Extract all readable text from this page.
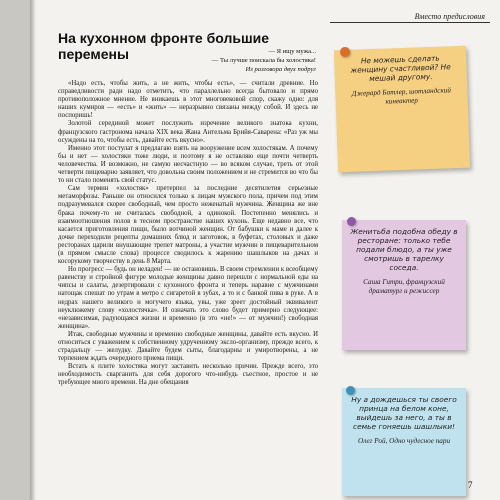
Вместо предисловия
На кухонном фронте большие перемены	— Я ищу мужа...
— Ты лучше поискала бы холостяка!
Из разговора двух подруг

«Надо есть, чтобы жить, а не жить, чтобы есть», — считали древние. Но справедливости ради надо отметить, что параллельно всегда бытовало и прямо противоположное мнение. Не вникаешь в этот многовековой спор, скажу одно: для наших кумиров — «есть» и «жить» — неразрывно связаны между собой. И здесь не поспоришь!

Золотой серединой может послужить изречение великого знатока кухни, французского гастронома начала XIX века Жана Антельма Брийя-Саварена: «Раз уж мы осуждены на то, чтобы есть, давайте есть вкусно».

Именно этот постулат я предлагаю взять на вооружение всем холостякам. А почему бы и нет — холостяки тоже люди, и поэтому я не оставляю еще почти четверть человечества. И возможно, не самую несчастную — во всяком случае, треть от этой четверти пищеварно заявляет, что довольна своим положением и не стремится во что бы то ни стало поменять свой статус.

Сам термин «холостяк» претерпел за последние десятилетия серьезные метаморфозы. Раньше он относился только к лицам мужского пола, причем под этим подразумевался скорее свободный, чем просто неженатый мужчина. Женщина же вне брака почему-то не считалась свободной, а одинокой. Постепенно менялись и взаимоотношения полов в тесном пространстве наших кухонь. Еще недавно все, что касается приготовления пищи, было вотчиной женщин. От бабушки к маме и далее к дочке переходили рецепты домашних блюд и заготовок, в буфетах, столовых и даже ресторанах царили внушающие трепет матроны, а участие мужчин в пищеварительном (в прямом смысле слова) процессе сводилось к жарению шашлыков на дачах и косорукому творчеству в день 8 Марта.

Но прогресс — будь он неладен! — не остановишь. В своем стремлении к всеобщему равенству и стройной фигуре молодые женщины давно перешли с нормальной еды на чипсы и салаты, дезертировали с кухонного фронта и теперь наравне с мужчинами натощак спешат по утрам в метро с сигаретой в зубах, а то и с банкой пива в руке. А в недрах нашего великого и могучего языка, увы, уже зреет достойный эквивалент неуклюжему слову «холостячка». И означать это слово будет примерно следующее: «независимая, радующаяся жизни и временно (в это «не!» — от мужчин!) свободная женщина».

Итак, свободные мужчины и временно свободные женщины, давайте есть вкусно. И относиться с уважением к собственному удрученному эксло-организму, прежде всего, к страдальцу — желудку. Давайте будем сыты, благодарны и умиротворены, а не терпением ждать очередного приема пищи.

Встать к плите холостяка могут заставить несколько причин. Прежде всего, это необходимость сварганить для себя дорогого что-нибудь съестное, простое и не требующее много времени. На дне обещания

Не можешь сделать женщину счастливой? Не мешай другому.

Джерард Батлер, шотландский кинеактер

Женитьба подобна обеду в ресторане: только тебе подали блюдо, а ты уже смотришь в тарелку соседа.

Саша Гитри, французский драматург и режиссер

Ну а дождешься ты своего принца на белом коне, выйдешь за него, а ты в семье гоняешь шашлыки!

Олег Рой, Одно чудесное пари
7
